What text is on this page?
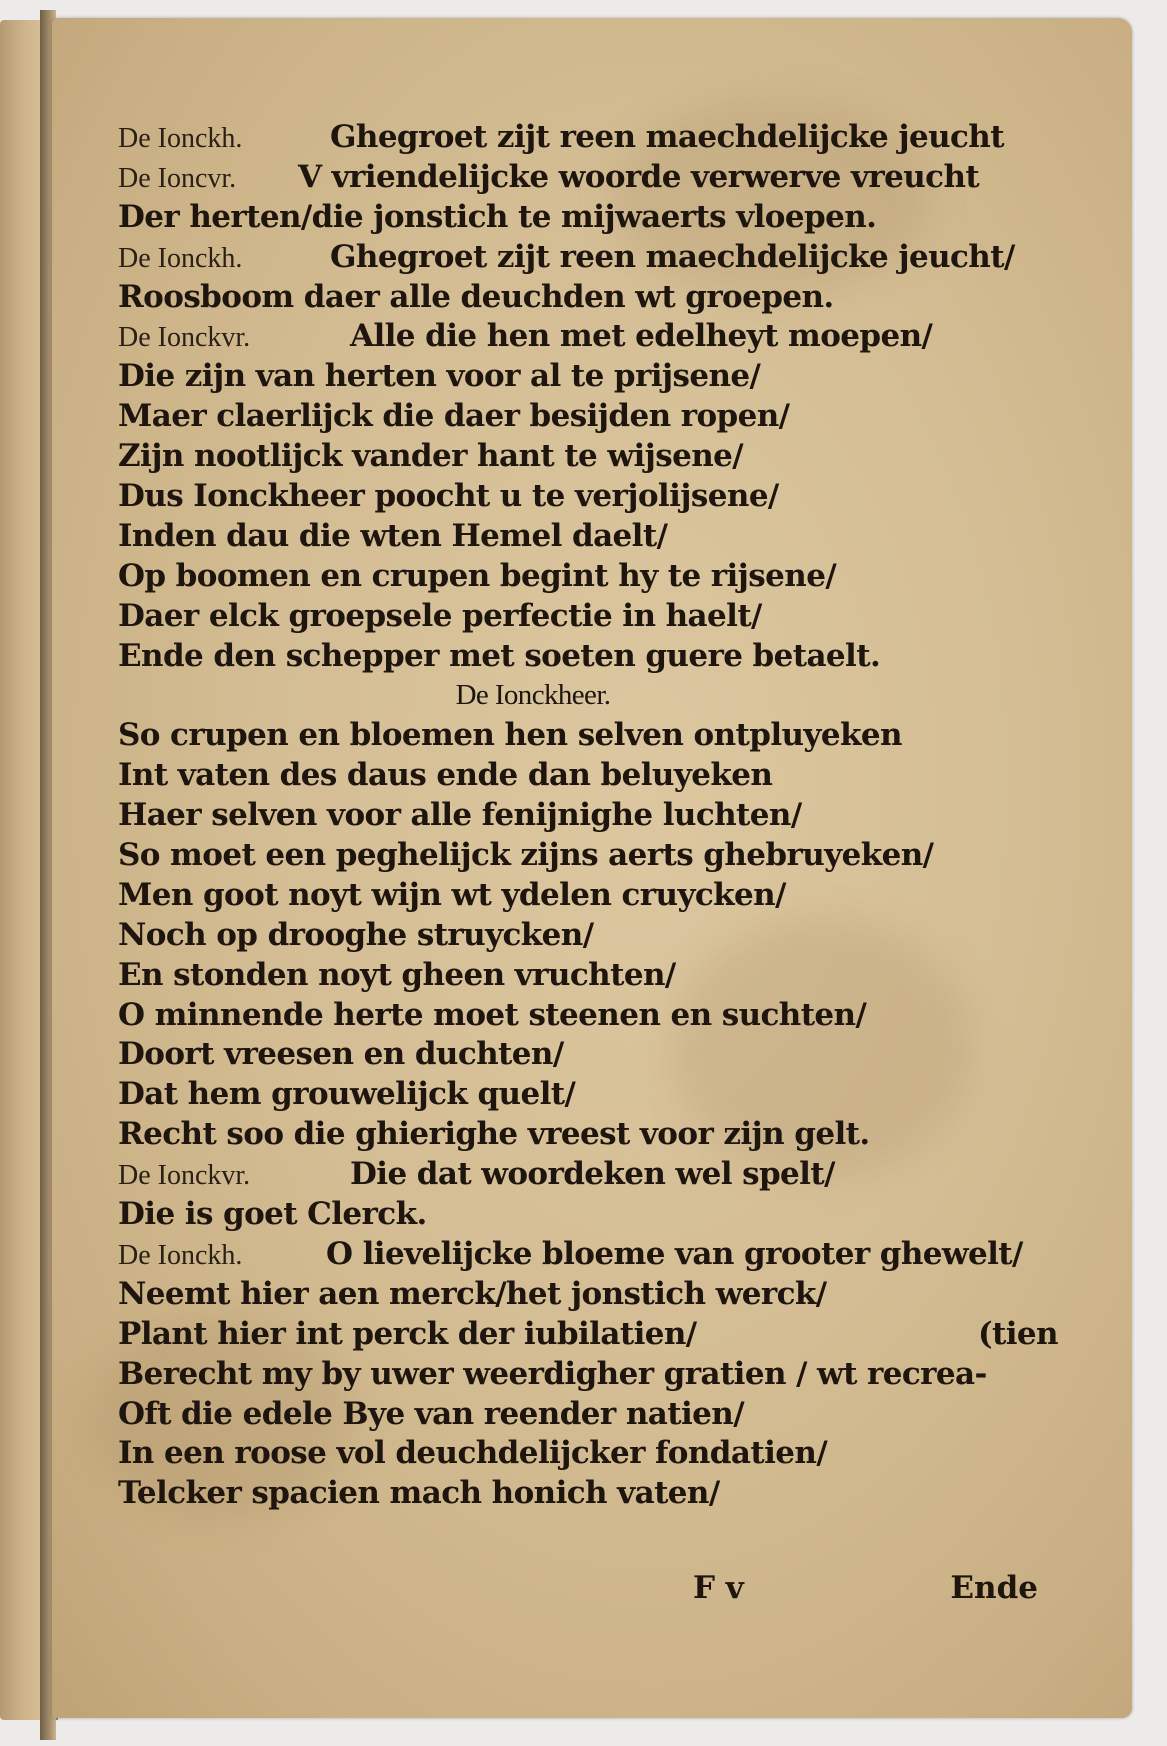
De Ionckh.	Ghegroet zijt reen maechdelijcke jeucht
De Ioncvr. V vriendelijcke woorde verwerve vreucht
Der herten/die jonstich te mijwaerts vloepen.
De Ionckh.	Ghegroet zijt reen maechdelijcke jeucht/
Roosboom daer alle deuchden wt groepen.
De Ionckvr.	Alle die hen met edelheyt moepen/
Die zijn van herten voor al te prijsene/
Maer claerlijck die daer besijden ropen/
Zijn nootlijck vander hant te wijsene/
Dus Ionckheer poocht u te verjolijsene/
Inden dau die wten Hemel daelt/
Op boomen en crupen begint hy te rijsene/
Daer elck groepsele perfectie in haelt/
Ende den schepper met soeten guere betaelt.
De Ionckheer.
So crupen en bloemen hen selven ontpluyeken
Int vaten des daus ende dan beluyeken
Haer selven voor alle fenijnighe luchten/
So moet een peghelijck zijns aerts ghebruyeken/
Men goot noyt wijn wt ydelen cruycken/
Noch op drooghe struycken/
En stonden noyt gheen vruchten/
O minnende herte moet steenen en suchten/
Doort vreesen en duchten/
Dat hem grouwelijck quelt/
Recht soo die ghierighe vreest voor zijn gelt.
De Ionckvr.	Die dat woordeken wel spelt/
Die is goet Clerck.
De Ionckh.	O lievelijcke bloeme van grooter ghewelt/
Neemt hier aen merck/het jonstich werck/
Plant hier int perck der iubilatien/	(tien
Berecht my by uwer weerdigher gratien / wt recrea-
Oft die edele Bye van reender natien/
In een roose vol deuchdelijcker fondatien/
Telcker spacien mach honich vaten/
F v	Ende
